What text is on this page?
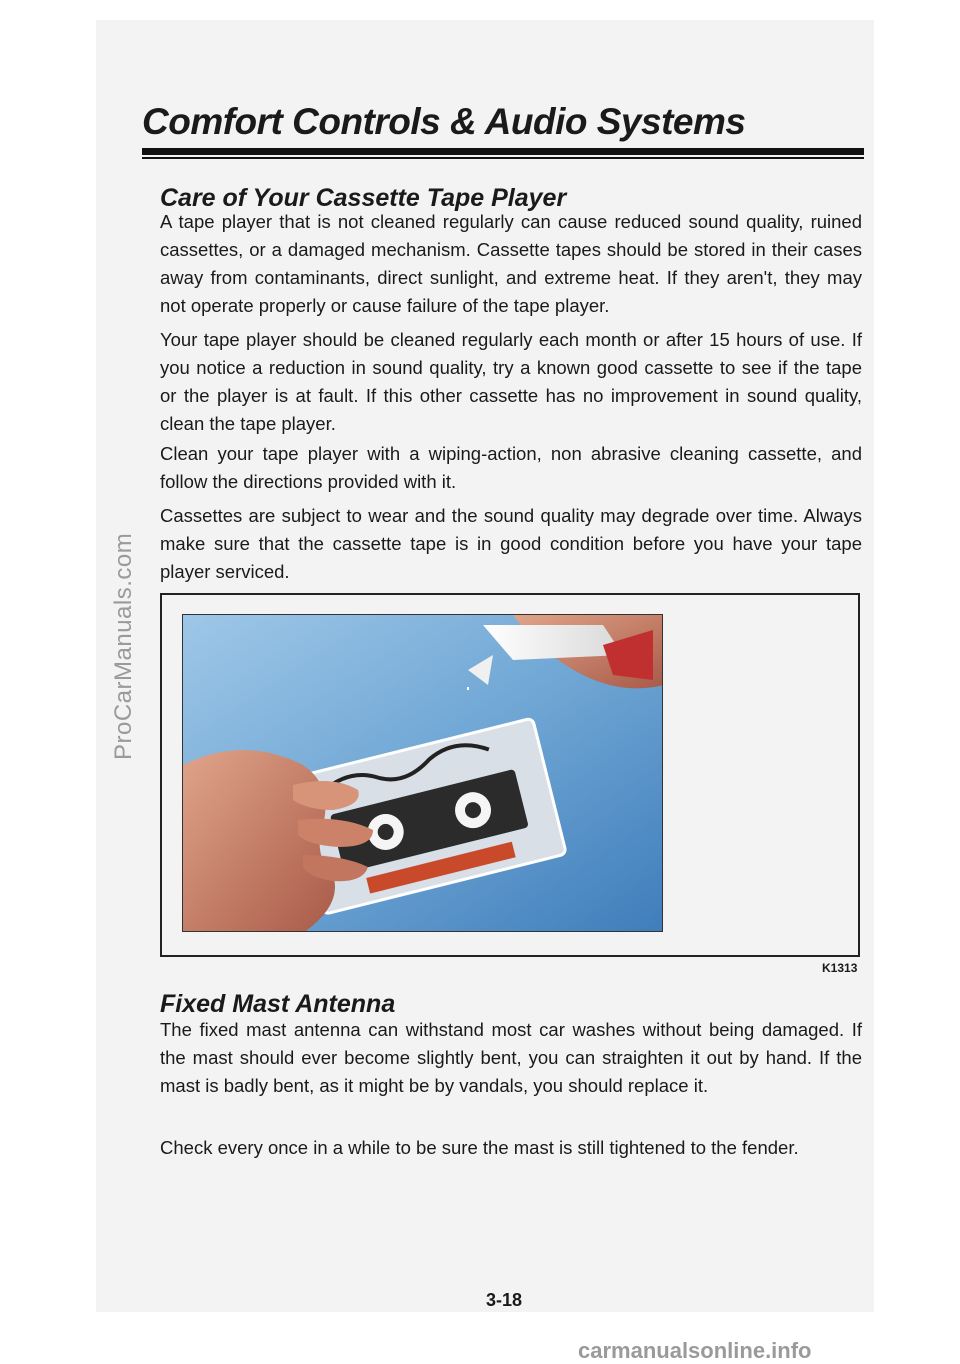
ProCarManuals.com
Comfort Controls & Audio Systems
Care of Your Cassette Tape Player

A tape player that is not cleaned regularly can cause reduced sound quality, ruined cassettes, or a damaged mechanism. Cassette tapes should be stored in their cases away from contaminants, direct sunlight, and extreme heat. If they aren't, they may not operate properly or cause failure of the tape player.

Your tape player should be cleaned regularly each month or after 15 hours of use. If you notice a reduction in sound quality, try a known good cassette to see if the tape or the player is at fault. If this other cassette has no improvement in sound quality, clean the tape player.

Clean your tape player with a wiping-action, non abrasive cleaning cassette, and follow the directions provided with it.

Cassettes are subject to wear and the sound quality may degrade over time. Always make sure that the cassette tape is in good condition before you have your tape player serviced.

K1313
Fixed Mast Antenna

The fixed mast antenna can withstand most car washes without being damaged. If the mast should ever become slightly bent, you can straighten it out by hand. If the mast is badly bent, as it might be by vandals, you should replace it.

Check every once in a while to be sure the mast is still tightened to the fender.

3-18
carmanualsonline.info
